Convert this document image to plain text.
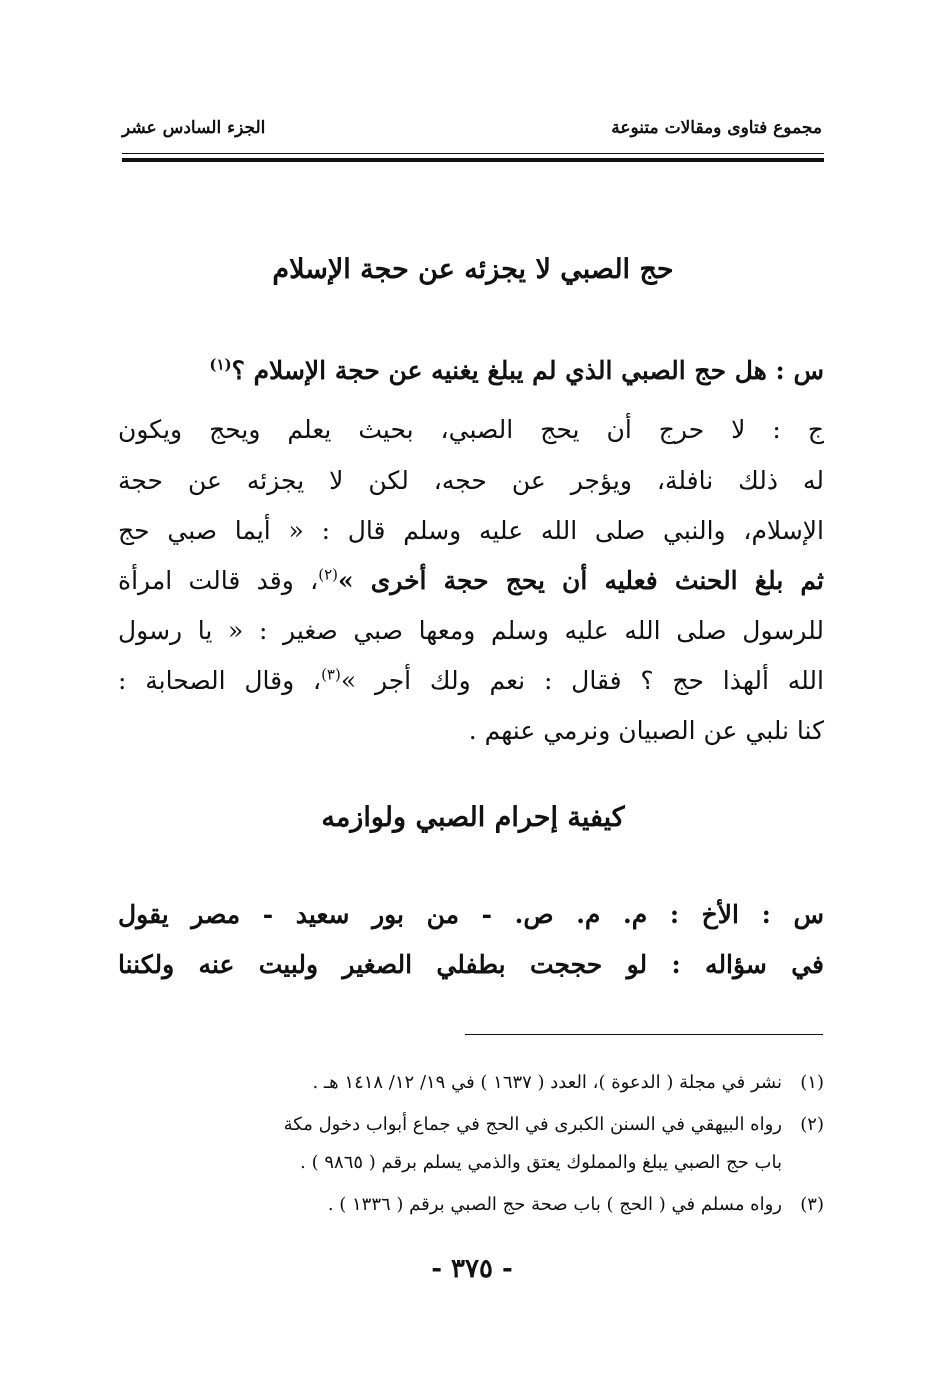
مجموع فتاوى ومقالات متنوعة
الجزء السادس عشر
حج الصبي لا يجزئه عن حجة الإسلام
س : هل حج الصبي الذي لم يبلغ يغنيه عن حجة الإسلام ؟$^{(١)}$
ج : لا حرج أن يحج الصبي، بحيث يعلم ويحج ويكون
له ذلك نافلة، ويؤجر عن حجه، لكن لا يجزئه عن حجة
الإسلام، والنبي صلى الله عليه وسلم قال : « أيما صبي حج
ثم بلغ الحنث فعليه أن يحج حجة أخرى »$^{(٢)}$، وقد قالت امرأة
للرسول صلى الله عليه وسلم ومعها صبي صغير : « يا رسول
الله ألهذا حج ؟ فقال : نعم ولك أجر »$^{(٣)}$، وقال الصحابة :
كنا نلبي عن الصبيان ونرمي عنهم .
كيفية إحرام الصبي ولوازمه
س : الأخ : م. م. ص. - من بور سعيد - مصر يقول
في سؤاله : لو حججت بطفلي الصغير ولبيت عنه ولكننا
(١)نشر في مجلة ( الدعوة )، العدد ( ١٦٣٧ ) في ١٩/ ١٢/ ١٤١٨ هـ .
(٢)رواه البيهقي في السنن الكبرى في الحج في جماع أبواب دخول مكة
باب حج الصبي يبلغ والمملوك يعتق والذمي يسلم برقم ( ٩٨٦٥ ) .
(٣)رواه مسلم في ( الحج ) باب صحة حج الصبي برقم ( ١٣٣٦ ) .
- ٣٧٥ -
